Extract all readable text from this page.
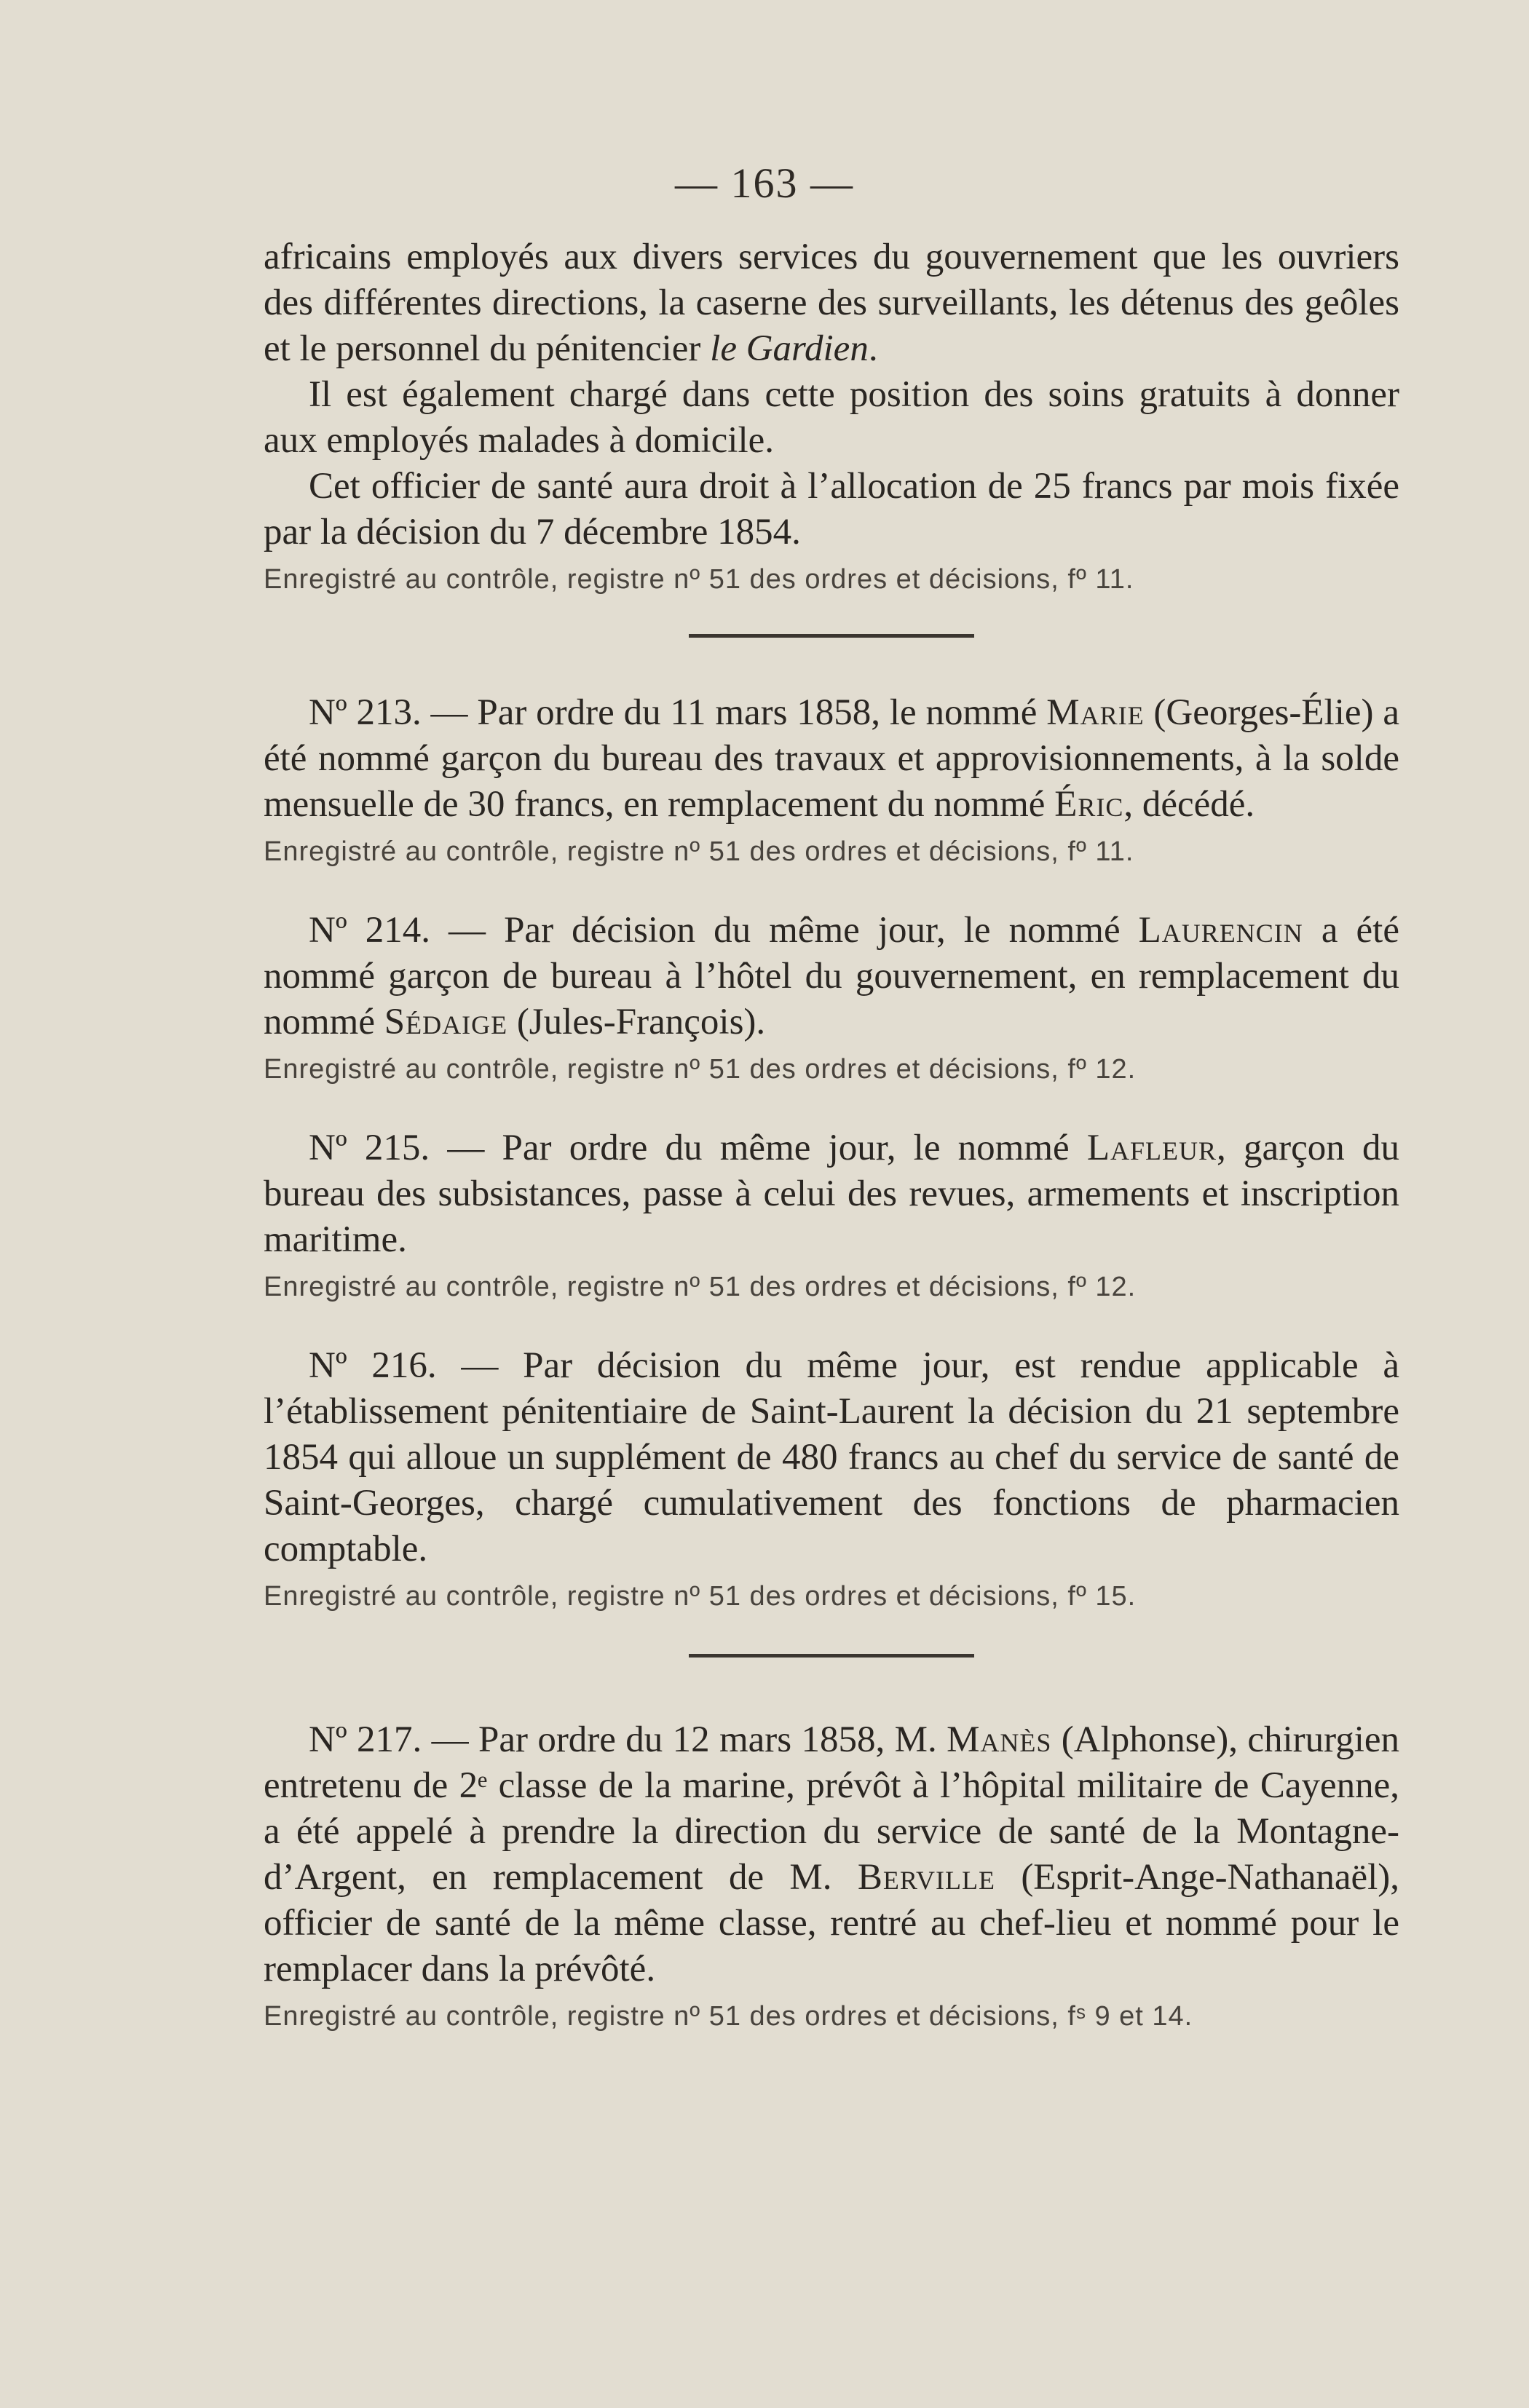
— 163 —

africains employés aux divers services du gouvernement que les ouvriers des différentes directions, la caserne des surveillants, les détenus des geôles et le personnel du pénitencier le Gardien.

Il est également chargé dans cette position des soins gratuits à donner aux employés malades à domicile.

Cet officier de santé aura droit à l’allocation de 25 francs par mois fixée par la décision du 7 décembre 1854.

Enregistré au contrôle, registre nº 51 des ordres et décisions, fº 11.

Nº 213. — Par ordre du 11 mars 1858, le nommé Marie (Georges-Élie) a été nommé garçon du bureau des travaux et approvisionnements, à la solde mensuelle de 30 francs, en remplacement du nommé Éric, décédé.

Enregistré au contrôle, registre nº 51 des ordres et décisions, fº 11.

Nº 214. — Par décision du même jour, le nommé Laurencin a été nommé garçon de bureau à l’hôtel du gouvernement, en remplacement du nommé Sédaige (Jules-François).

Enregistré au contrôle, registre nº 51 des ordres et décisions, fº 12.

Nº 215. — Par ordre du même jour, le nommé Lafleur, garçon du bureau des subsistances, passe à celui des revues, armements et inscription maritime.

Enregistré au contrôle, registre nº 51 des ordres et décisions, fº 12.

Nº 216. — Par décision du même jour, est rendue applicable à l’établissement pénitentiaire de Saint-Laurent la décision du 21 septembre 1854 qui alloue un supplément de 480 francs au chef du service de santé de Saint-Georges, chargé cumulativement des fonctions de pharmacien comptable.

Enregistré au contrôle, registre nº 51 des ordres et décisions, fº 15.

Nº 217. — Par ordre du 12 mars 1858, M. Manès (Alphonse), chirurgien entretenu de 2ᵉ classe de la marine, prévôt à l’hôpital militaire de Cayenne, a été appelé à prendre la direction du service de santé de la Montagne-d’Argent, en remplacement de M. Berville (Esprit-Ange-Nathanaël), officier de santé de la même classe, rentré au chef-lieu et nommé pour le remplacer dans la prévôté.

Enregistré au contrôle, registre nº 51 des ordres et décisions, fˢ 9 et 14.
